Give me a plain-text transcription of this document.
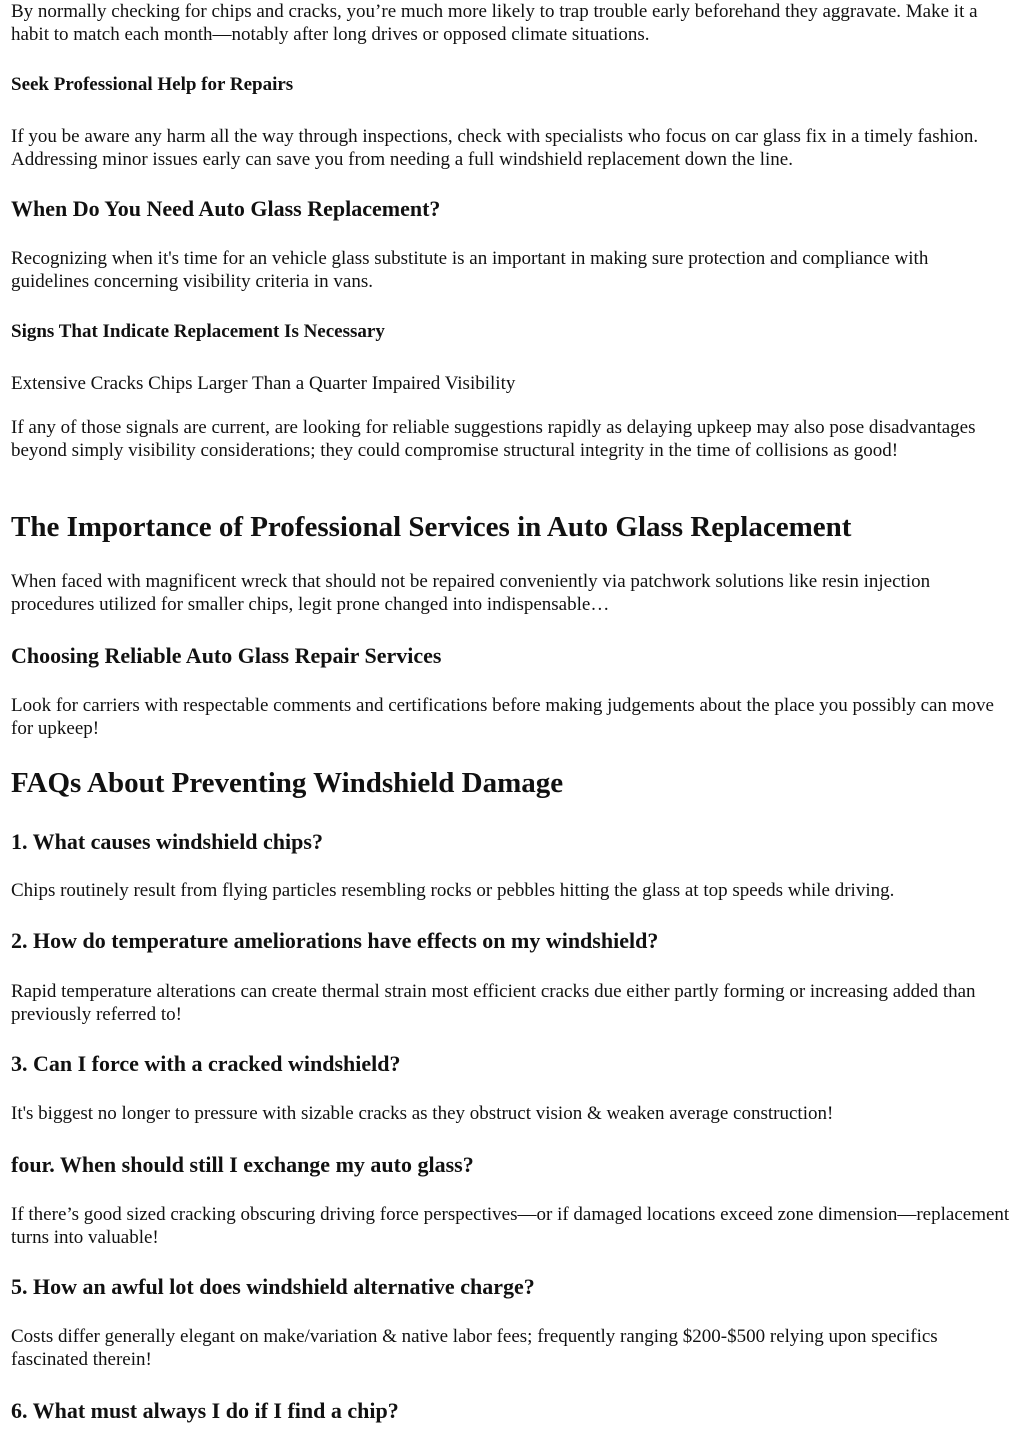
By normally checking for chips and cracks, you’re much more likely to trap trouble early beforehand they aggravate. Make it a habit to match each month—notably after long drives or opposed climate situations.

Seek Professional Help for Repairs

If you be aware any harm all the way through inspections, check with specialists who focus on car glass fix in a timely fashion. Addressing minor issues early can save you from needing a full windshield replacement down the line.

When Do You Need Auto Glass Replacement?

Recognizing when it's time for an vehicle glass substitute is an important in making sure protection and compliance with guidelines concerning visibility criteria in vans.

Signs That Indicate Replacement Is Necessary

Extensive Cracks Chips Larger Than a Quarter Impaired Visibility

If any of those signals are current, are looking for reliable suggestions rapidly as delaying upkeep may also pose disadvantages beyond simply visibility considerations; they could compromise structural integrity in the time of collisions as good!

The Importance of Professional Services in Auto Glass Replacement

When faced with magnificent wreck that should not be repaired conveniently via patchwork solutions like resin injection procedures utilized for smaller chips, legit prone changed into indispensable…

Choosing Reliable Auto Glass Repair Services

Look for carriers with respectable comments and certifications before making judgements about the place you possibly can move for upkeep!

FAQs About Preventing Windshield Damage
1. What causes windshield chips?

Chips routinely result from flying particles resembling rocks or pebbles hitting the glass at top speeds while driving.

2. How do temperature ameliorations have effects on my windshield?

Rapid temperature alterations can create thermal strain most efficient cracks due either partly forming or increasing added than previously referred to!

3. Can I force with a cracked windshield?

It's biggest no longer to pressure with sizable cracks as they obstruct vision & weaken average construction!

four. When should still I exchange my auto glass?

If there’s good sized cracking obscuring driving force perspectives—or if damaged locations exceed zone dimension—replacement turns into valuable!

5. How an awful lot does windshield alternative charge?

Costs differ generally elegant on make/variation & native labor fees; frequently ranging $200-$500 relying upon specifics fascinated therein!

6. What must always I do if I find a chip?
